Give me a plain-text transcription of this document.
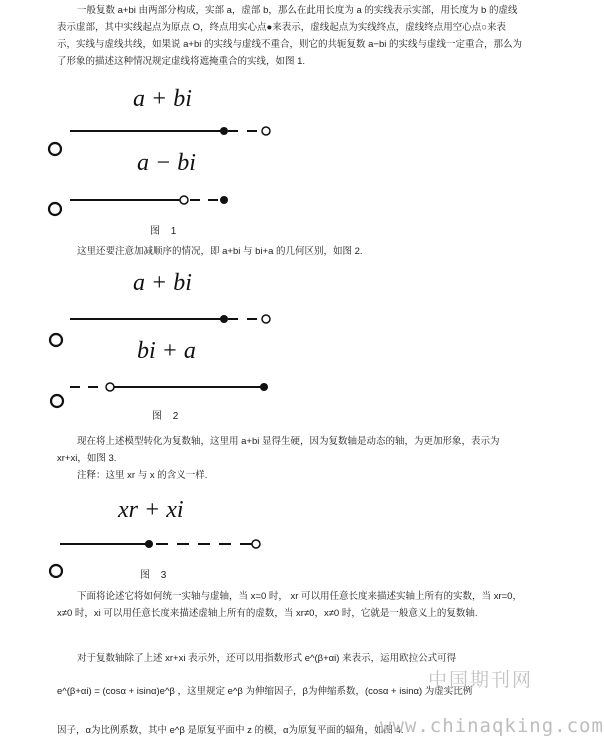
一般复数 a+bi 由两部分构成，实部 a，虚部 b，那么在此用长度为 a 的实线表示实部，用长度为 b 的虚线表示虚部，其中实线起点为原点 O，终点用实心点●来表示，虚线起点为实线终点，虚线终点用空心点○来表示，实线与虚线共线，如果说 a+bi 的实线与虚线不重合，则它的共轭复数 a−bi 的实线与虚线一定重合，那么为了形象的描述这种情况规定虚线将遮掩重合的实线，如图 1.

a + bi
a − bi
图 1

这里还要注意加减顺序的情况，即 a+bi 与 bi+a 的几何区别，如图 2.

a + bi
bi + a
图 2

现在将上述模型转化为复数轴，这里用 a+bi 显得生硬，因为复数轴是动态的轴，为更加形象，表示为 xr+xi，如图 3.

注释：这里 xr 与 x 的含义一样.

xr + xi
图 3

下面将论述它将如何统一实轴与虚轴，当 x=0 时， xr 可以用任意长度来描述实轴上所有的实数，当 xr=0， x≠0 时，xi 可以用任意长度来描述虚轴上所有的虚数，当 xr≠0，x≠0 时，它就是一般意义上的复数轴.

对于复数轴除了上述 xr+xi 表示外，还可以用指数形式 e^(β+αi) 来表示，运用欧拉公式可得

e^(β+αi) = (cosα + isinα)e^β ，这里规定 e^β 为伸缩因子，β为伸缩系数，(cosα + isinα) 为虚实比例

因子，α为比例系数，其中 e^β 是原复平面中 z 的模，α为原复平面的辐角，如图 4.

中国期刊网
www.chinaqking.com
